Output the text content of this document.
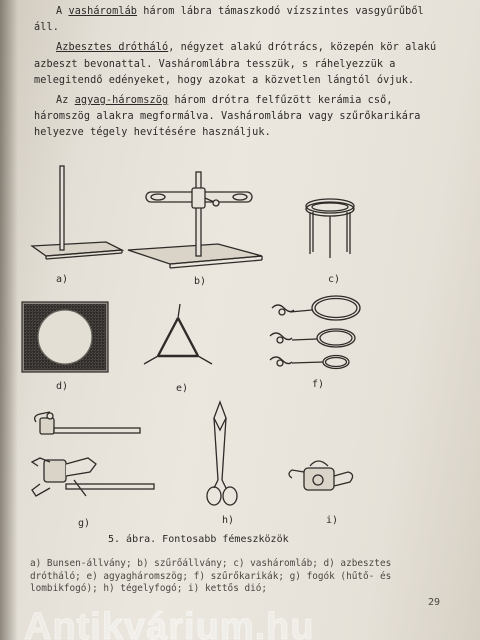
A vasháromláb három lábra támaszkodó vízszintes vasgyűrűből áll.

Azbesztes drótháló, négyzet alakú drótrács, közepén kör alakú azbeszt bevonattal. Vasháromlábra tesszük, s ráhelyezzük a melegitendő edényeket, hogy azokat a közvetlen lángtól óvjuk.

Az agyag-háromszög három drótra felfűzött kerámia cső, háromszög alakra megformálva. Vasháromlábra vagy szűrőkarikára helyezve tégely hevítésére használjuk.

a)	b)	c)
d)	e)	f)
g)	h)	i)
5. ábra. Fontosabb fémeszközök
a) Bunsen-állvány; b) szűrőállvány; c) vasháromláb; d) azbesztes drótháló; e) agyagháromszög; f) szűrőkarikák; g) fogók (hűtő- és lombikfogó); h) tégelyfogó; i) kettős dió;
29
Antikvárium.hu
